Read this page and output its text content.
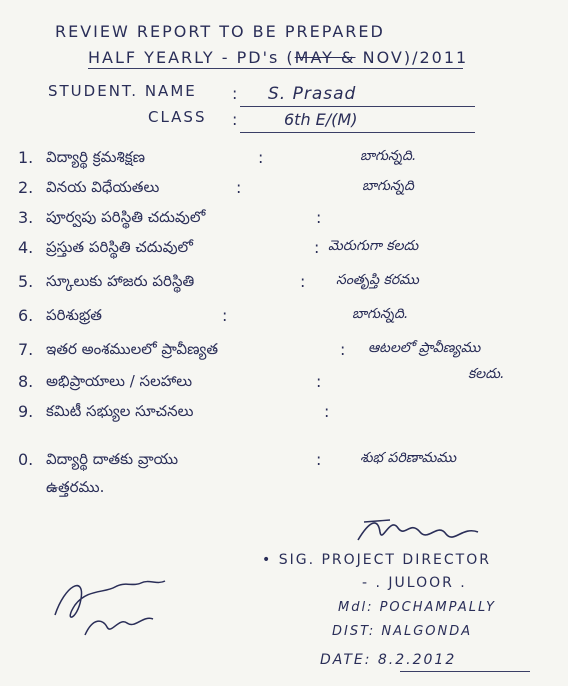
REVIEW REPORT TO BE PREPARED
HALF YEARLY - PD's (MAY & NOV)/2011
STUDENT. NAME : S. Prasad
CLASS :	6th E/(M)
1. విద్యార్థి క్రమశిక్షణ	:	బాగున్నది.
2. వినయ విధేయతలు	:	బాగున్నది
3. పూర్వపు పరిస్థితి చదువులో	:
4. ప్రస్తుత పరిస్థితి చదువులో	: మెరుగుగా కలదు
5. స్కూలుకు హాజరు పరిస్థితి	: సంతృప్తి కరము
6. పరిశుభ్రత	:	బాగున్నది.
7. ఇతర అంశములలో ప్రావీణ్యత	: ఆటలలో ప్రావీణ్యము
కలదు.
8. అభిప్రాయాలు / సలహాలు	:
9. కమిటీ సభ్యుల సూచనలు	:
0. విద్యార్థి దాతకు వ్రాయు	:	శుభ పరిణామము
ఉత్తరము.
• SIG. PROJECT DIRECTOR
- . JULOOR .
Mdl: POCHAMPALLY
DIST: NALGONDA
DATE: 8.2.2012
